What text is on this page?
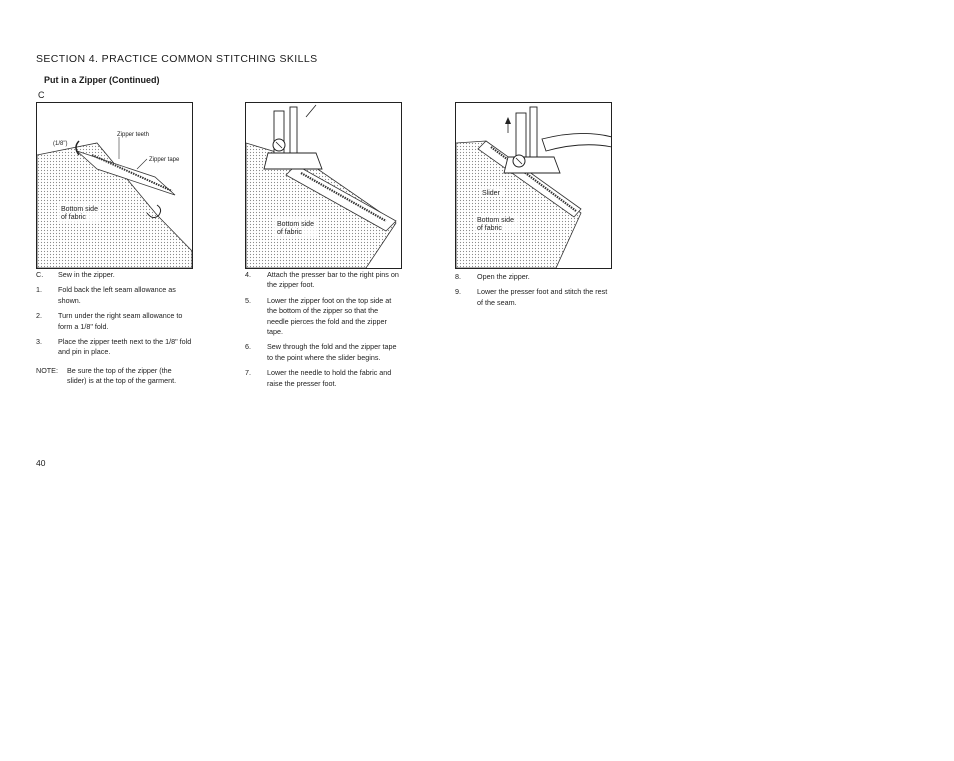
SECTION 4. PRACTICE COMMON STITCHING SKILLS
Put in a Zipper (Continued)
C
(1/8")
Zipper teeth
Zipper tape
Bottom side
of fabric
Bottom side
of fabric
Slider
Bottom side
of fabric
C. Sew in the zipper.
1. Fold back the left seam allowance as shown.
2. Turn under the right seam allowance to form a 1/8" fold.
3. Place the zipper teeth next to the 1/8" fold and pin in place.
NOTE: Be sure the top of the zipper (the slider) is at the top of the garment.
4. Attach the presser bar to the right pins on the zipper foot.
5. Lower the zipper foot on the top side at the bottom of the zipper so that the needle pierces the fold and the zipper tape.
6. Sew through the fold and the zipper tape to the point where the slider begins.
7. Lower the needle to hold the fabric and raise the presser foot.
8. Open the zipper.
9. Lower the presser foot and stitch the rest of the seam.
40
